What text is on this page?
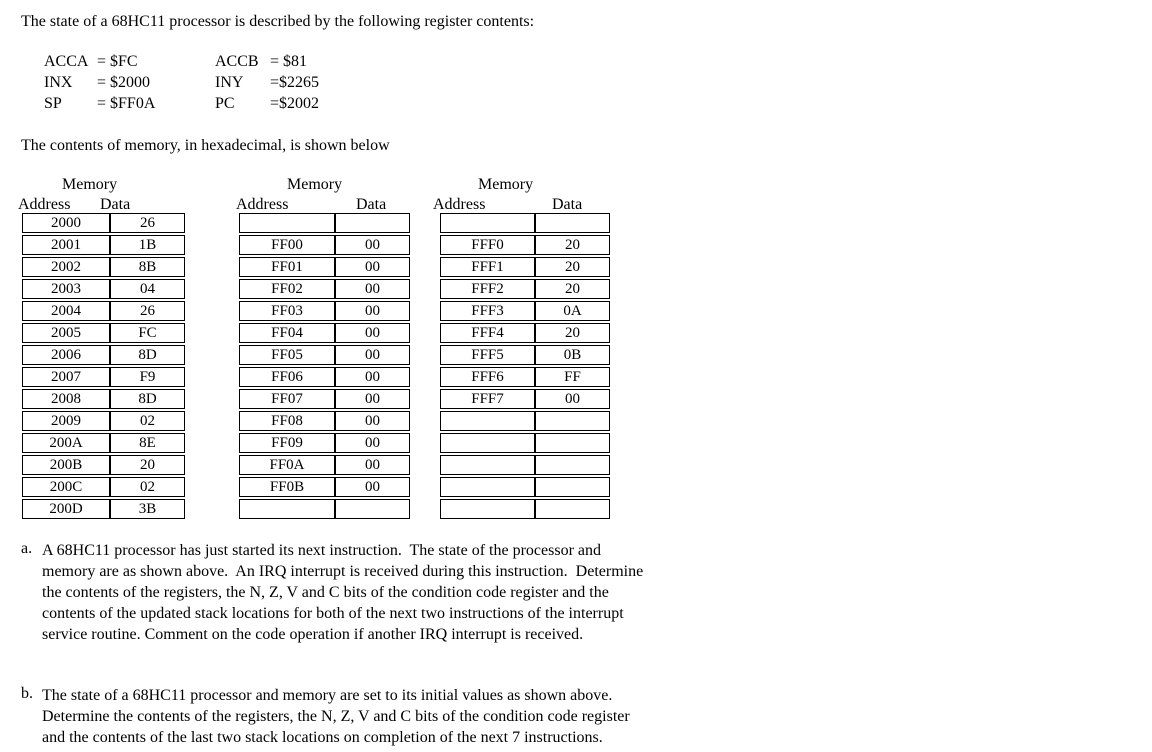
The state of a 68HC11 processor is described by the following register contents:
ACCA = $FC	ACCB = $81
INX = $2000	INY =$2265
SP = $FF0A	PC =$2002
The contents of memory, in hexadecimal, is shown below
Memory
Address Data
2000	26
2001	1B
2002	8B
2003	04
2004	26
2005	FC
2006	8D
2007	F9
2008	8D
2009	02
200A	8E
200B	20
200C	02
200D	3B
Memory
Address	Data
FF00	00
FF01	00
FF02	00
FF03	00
FF04	00
FF05	00
FF06	00
FF07	00
FF08	00
FF09	00
FF0A	00
FF0B	00
Memory
Address	Data
FFF0	20
FFF1	20
FFF2	20
FFF3	0A
FFF4	20
FFF5	0B
FFF6	FF
FFF7	00
a. A 68HC11 processor has just started its next instruction.  The state of the processor and
memory are as shown above.  An IRQ interrupt is received during this instruction.  Determine
the contents of the registers, the N, Z, V and C bits of the condition code register and the
contents of the updated stack locations for both of the next two instructions of the interrupt
service routine. Comment on the code operation if another IRQ interrupt is received.
b. The state of a 68HC11 processor and memory are set to its initial values as shown above.
Determine the contents of the registers, the N, Z, V and C bits of the condition code register
and the contents of the last two stack locations on completion of the next 7 instructions.
